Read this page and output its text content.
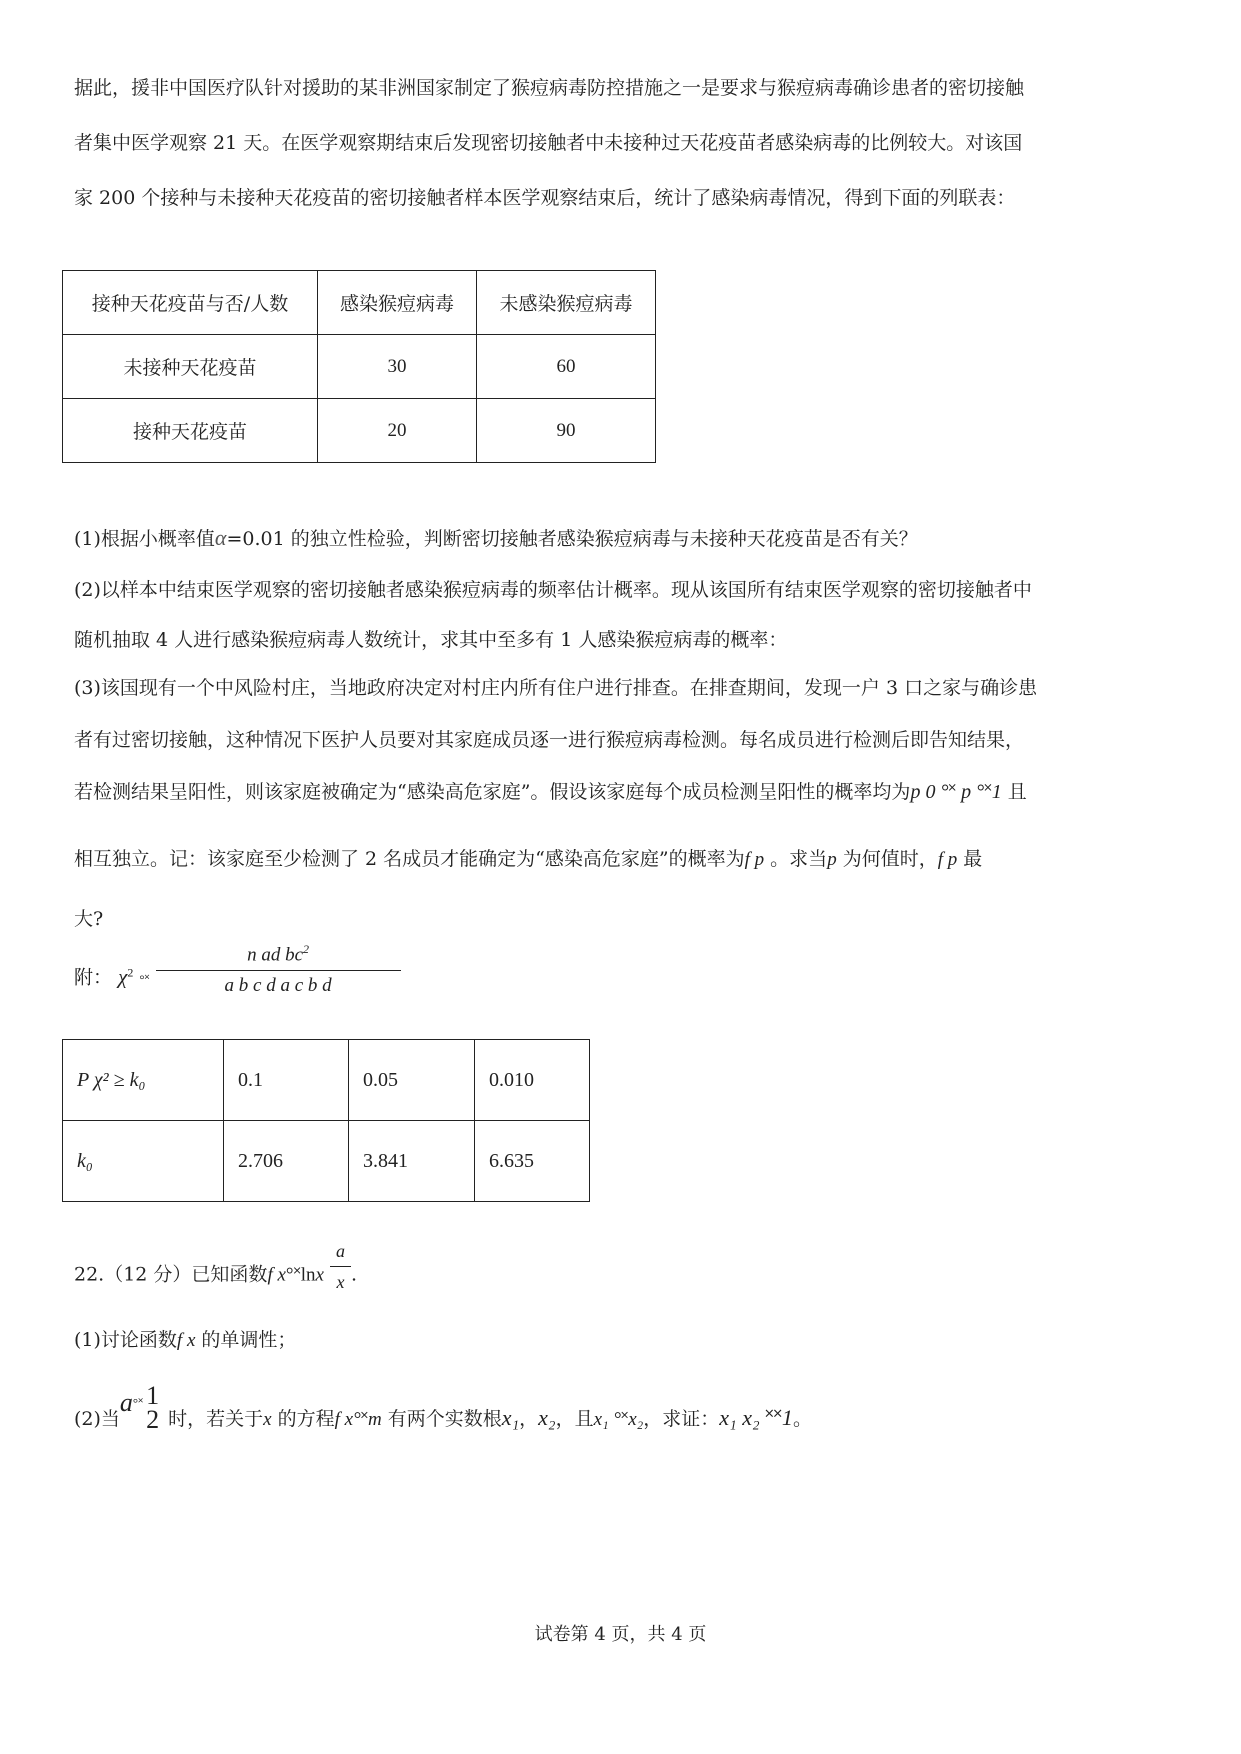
据此，援非中国医疗队针对援助的某非洲国家制定了猴痘病毒防控措施之一是要求与猴痘病毒确诊患者的密切接触
者集中医学观察 21 天。在医学观察期结束后发现密切接触者中未接种过天花疫苗者感染病毒的比例较大。对该国
家 200 个接种与未接种天花疫苗的密切接触者样本医学观察结束后，统计了感染病毒情况，得到下面的列联表：
接种天花疫苗与否/人数	感染猴痘病毒	未感染猴痘病毒
未接种天花疫苗	30	60
接种天花疫苗	20	90
(1)根据小概率值α=0.01 的独立性检验，判断密切接触者感染猴痘病毒与未接种天花疫苗是否有关？
(2)以样本中结束医学观察的密切接触者感染猴痘病毒的频率估计概率。现从该国所有结束医学观察的密切接触者中
随机抽取 4 人进行感染猴痘病毒人数统计，求其中至多有 1 人感染猴痘病毒的概率：
(3)该国现有一个中风险村庄，当地政府决定对村庄内所有住户进行排查。在排查期间，发现一户 3 口之家与确诊患
者有过密切接触，这种情况下医护人员要对其家庭成员逐一进行猴痘病毒检测。每名成员进行检测后即告知结果，
若检测结果呈阳性，则该家庭被确定为“感染高危家庭”。假设该家庭每个成员检测呈阳性的概率均为p 0 °˟ p °˟1 且
相互独立。记：该家庭至少检测了 2 名成员才能确定为“感染高危家庭”的概率为f p 。求当p 为何值时，f p 最
大?
附： $\chi^2$ °˟ $\frac{n ad bc^2}{\text{a b c d a c b d}}$
P χ² ≥ k₀	0.1	0.05	0.010
k₀	2.706	3.841	6.635
22.（12 分）已知函数f x°˟lnx $\frac{a}{x}$ .
(1)讨论函数f x 的单调性；
(2)当a°˟ 1
2 时，若关于x 的方程f x°˟m 有两个实数根x₁，x₂，且x₁ °˟x₂，求证：x₁ x₂ ˟˟1。
试卷第 4 页，共 4 页
